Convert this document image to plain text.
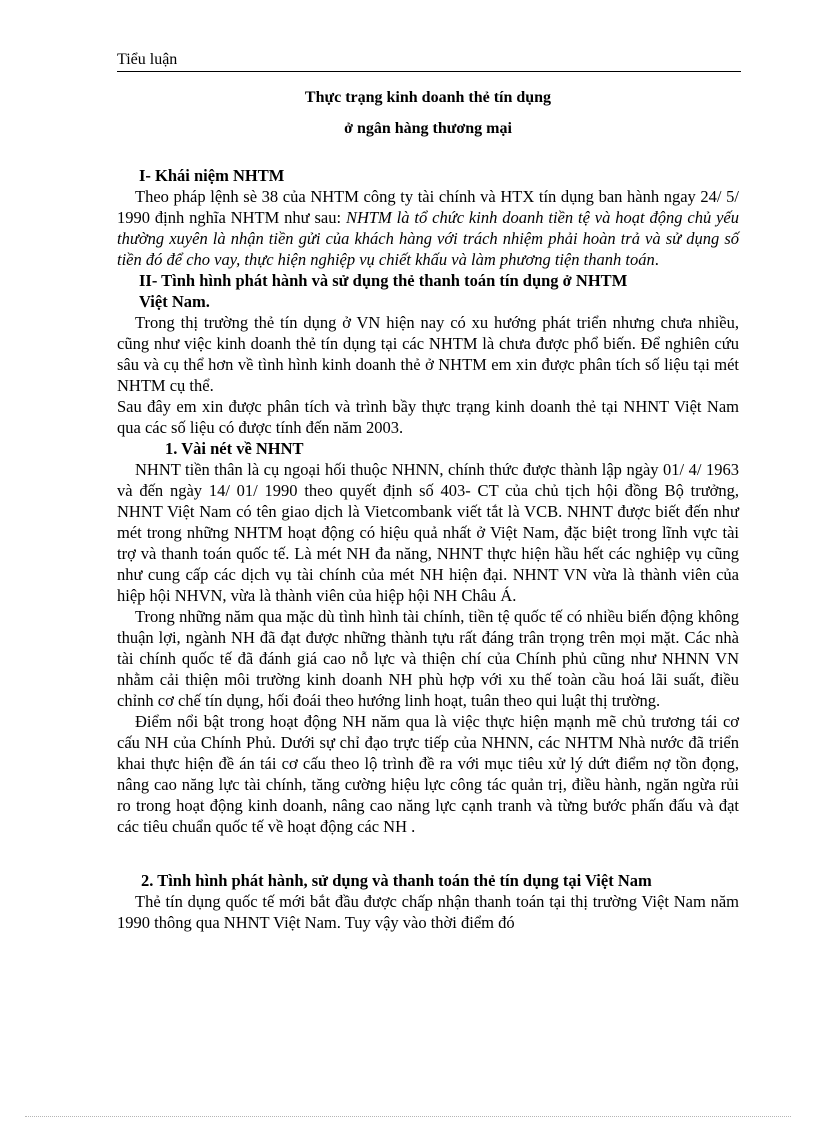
Tiểu luận
Thực trạng kinh doanh thẻ tín dụng
ở ngân hàng thương mại
I- Khái niệm NHTM

Theo pháp lệnh sè 38 của NHTM công ty tài chính và HTX tín dụng ban hành ngay 24/ 5/ 1990 định nghĩa NHTM như sau: NHTM là tổ chức kinh doanh tiền tệ và hoạt động chủ yếu thường xuyên là nhận tiền gửi của khách hàng với trách nhiệm phải hoàn trả và sử dụng số tiền đó để cho vay, thực hiện nghiệp vụ chiết khấu và làm phương tiện thanh toán.

II- Tình hình phát hành và sử dụng thẻ thanh toán tín dụng ở NHTM
Việt Nam.

Trong thị trường thẻ tín dụng ở VN hiện nay có xu hướng phát triển nhưng chưa nhiều, cũng như việc kinh doanh thẻ tín dụng tại các NHTM là chưa được phổ biến. Để nghiên cứu sâu và cụ thể hơn về tình hình kinh doanh thẻ ở NHTM em xin được phân tích số liệu tại mét NHTM cụ thể.

Sau đây em xin được phân tích và trình bầy thực trạng kinh doanh thẻ tại NHNT Việt Nam qua các số liệu có được tính đến năm 2003.

1. Vài nét về NHNT

NHNT tiền thân là cụ ngoại hối thuộc NHNN, chính thức được thành lập ngày 01/ 4/ 1963 và đến ngày 14/ 01/ 1990 theo quyết định số 403- CT của chủ tịch hội đồng Bộ trưởng, NHNT Việt Nam có tên giao dịch là Vietcombank viết tắt là VCB. NHNT được biết đến như mét trong những NHTM hoạt động có hiệu quả nhất ở Việt Nam, đặc biệt trong lĩnh vực tài trợ và thanh toán quốc tế. Là mét NH đa năng, NHNT thực hiện hầu hết các nghiệp vụ cũng như cung cấp các dịch vụ tài chính của mét NH hiện đại. NHNT VN vừa là thành viên của hiệp hội NHVN, vừa là thành viên của hiệp hội NH Châu Á.

Trong những năm qua mặc dù tình hình tài chính, tiền tệ quốc tế có nhiều biến động không thuận lợi, ngành NH đã đạt được những thành tựu rất đáng trân trọng trên mọi mặt. Các nhà tài chính quốc tế đã đánh giá cao nỗ lực và thiện chí của Chính phủ cũng như NHNN VN nhằm cải thiện môi trường kinh doanh NH phù hợp với xu thế toàn cầu hoá lãi suất, điều chỉnh cơ chế tín dụng, hối đoái theo hướng linh hoạt, tuân theo qui luật thị trường.

Điểm nổi bật trong hoạt động NH năm qua là việc thực hiện mạnh mẽ chủ trương tái cơ cấu NH của Chính Phủ. Dưới sự chỉ đạo trực tiếp của NHNN, các NHTM Nhà nước đã triển khai thực hiện đề án tái cơ cấu theo lộ trình đề ra với mục tiêu xử lý dứt điểm nợ tồn đọng, nâng cao năng lực tài chính, tăng cường hiệu lực công tác quản trị, điều hành, ngăn ngừa rủi ro trong hoạt động kinh doanh, nâng cao năng lực cạnh tranh và từng bước phấn đấu và đạt các tiêu chuẩn quốc tế về hoạt động các NH .

2. Tình hình phát hành, sử dụng và thanh toán thẻ tín dụng tại Việt Nam

Thẻ tín dụng quốc tế mới bắt đầu được chấp nhận thanh toán tại thị trường Việt Nam năm 1990 thông qua NHNT Việt Nam. Tuy vậy vào thời điểm đó
